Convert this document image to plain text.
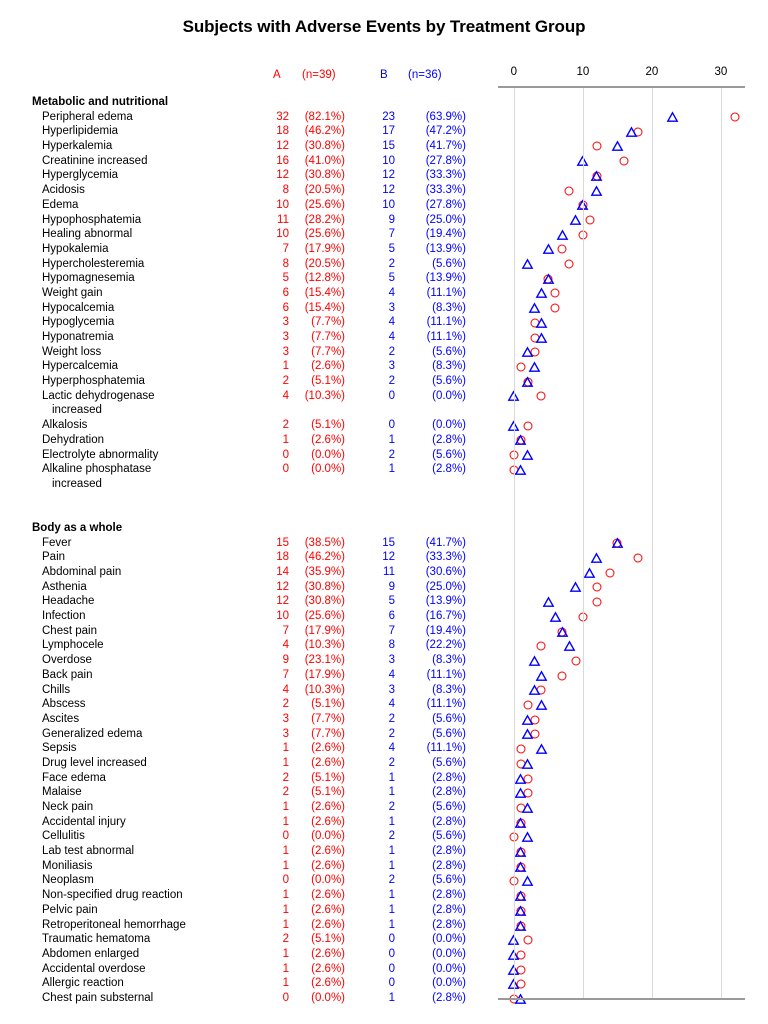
Subjects with Adverse Events by Treatment Group
A (n=39)	B (n=36)
Metabolic and nutritional
Peripheral edema	32	(82.1%)	23	(63.9%)
Hyperlipidemia	18	(46.2%)	17	(47.2%)
Hyperkalemia	12	(30.8%)	15	(41.7%)
Creatinine increased	16	(41.0%)	10	(27.8%)
Hyperglycemia	12	(30.8%)	12	(33.3%)
Acidosis	8	(20.5%)	12	(33.3%)
Edema	10	(25.6%)	10	(27.8%)
Hypophosphatemia	11	(28.2%)	9	(25.0%)
Healing abnormal	10	(25.6%)	7	(19.4%)
Hypokalemia	7	(17.9%)	5	(13.9%)
Hypercholesteremia	8	(20.5%)	2	(5.6%)
Hypomagnesemia	5	(12.8%)	5	(13.9%)
Weight gain	6	(15.4%)	4	(11.1%)
Hypocalcemia	6	(15.4%)	3	(8.3%)
Hypoglycemia	3	(7.7%)	4	(11.1%)
Hyponatremia	3	(7.7%)	4	(11.1%)
Weight loss	3	(7.7%)	2	(5.6%)
Hypercalcemia	1	(2.6%)	3	(8.3%)
Hyperphosphatemia	2	(5.1%)	2	(5.6%)
Lactic dehydrogenase	4	(10.3%)	0	(0.0%)
increased
Alkalosis	2	(5.1%)	0	(0.0%)
Dehydration	1	(2.6%)	1	(2.8%)
Electrolyte abnormality	0	(0.0%)	2	(5.6%)
Alkaline phosphatase	0	(0.0%)	1	(2.8%)
increased
Body as a whole
Fever	15	(38.5%)	15	(41.7%)
Pain	18	(46.2%)	12	(33.3%)
Abdominal pain	14	(35.9%)	11	(30.6%)
Asthenia	12	(30.8%)	9	(25.0%)
Headache	12	(30.8%)	5	(13.9%)
Infection	10	(25.6%)	6	(16.7%)
Chest pain	7	(17.9%)	7	(19.4%)
Lymphocele	4	(10.3%)	8	(22.2%)
Overdose	9	(23.1%)	3	(8.3%)
Back pain	7	(17.9%)	4	(11.1%)
Chills	4	(10.3%)	3	(8.3%)
Abscess	2	(5.1%)	4	(11.1%)
Ascites	3	(7.7%)	2	(5.6%)
Generalized edema	3	(7.7%)	2	(5.6%)
Sepsis	1	(2.6%)	4	(11.1%)
Drug level increased	1	(2.6%)	2	(5.6%)
Face edema	2	(5.1%)	1	(2.8%)
Malaise	2	(5.1%)	1	(2.8%)
Neck pain	1	(2.6%)	2	(5.6%)
Accidental injury	1	(2.6%)	1	(2.8%)
Cellulitis	0	(0.0%)	2	(5.6%)
Lab test abnormal	1	(2.6%)	1	(2.8%)
Moniliasis	1	(2.6%)	1	(2.8%)
Neoplasm	0	(0.0%)	2	(5.6%)
Non-specified drug reaction	1	(2.6%)	1	(2.8%)
Pelvic pain	1	(2.6%)	1	(2.8%)
Retroperitoneal hemorrhage	1	(2.6%)	1	(2.8%)
Traumatic hematoma	2	(5.1%)	0	(0.0%)
Abdomen enlarged	1	(2.6%)	0	(0.0%)
Accidental overdose	1	(2.6%)	0	(0.0%)
Allergic reaction	1	(2.6%)	0	(0.0%)
Chest pain substernal	0	(0.0%)	1	(2.8%)
0	10	20	30
